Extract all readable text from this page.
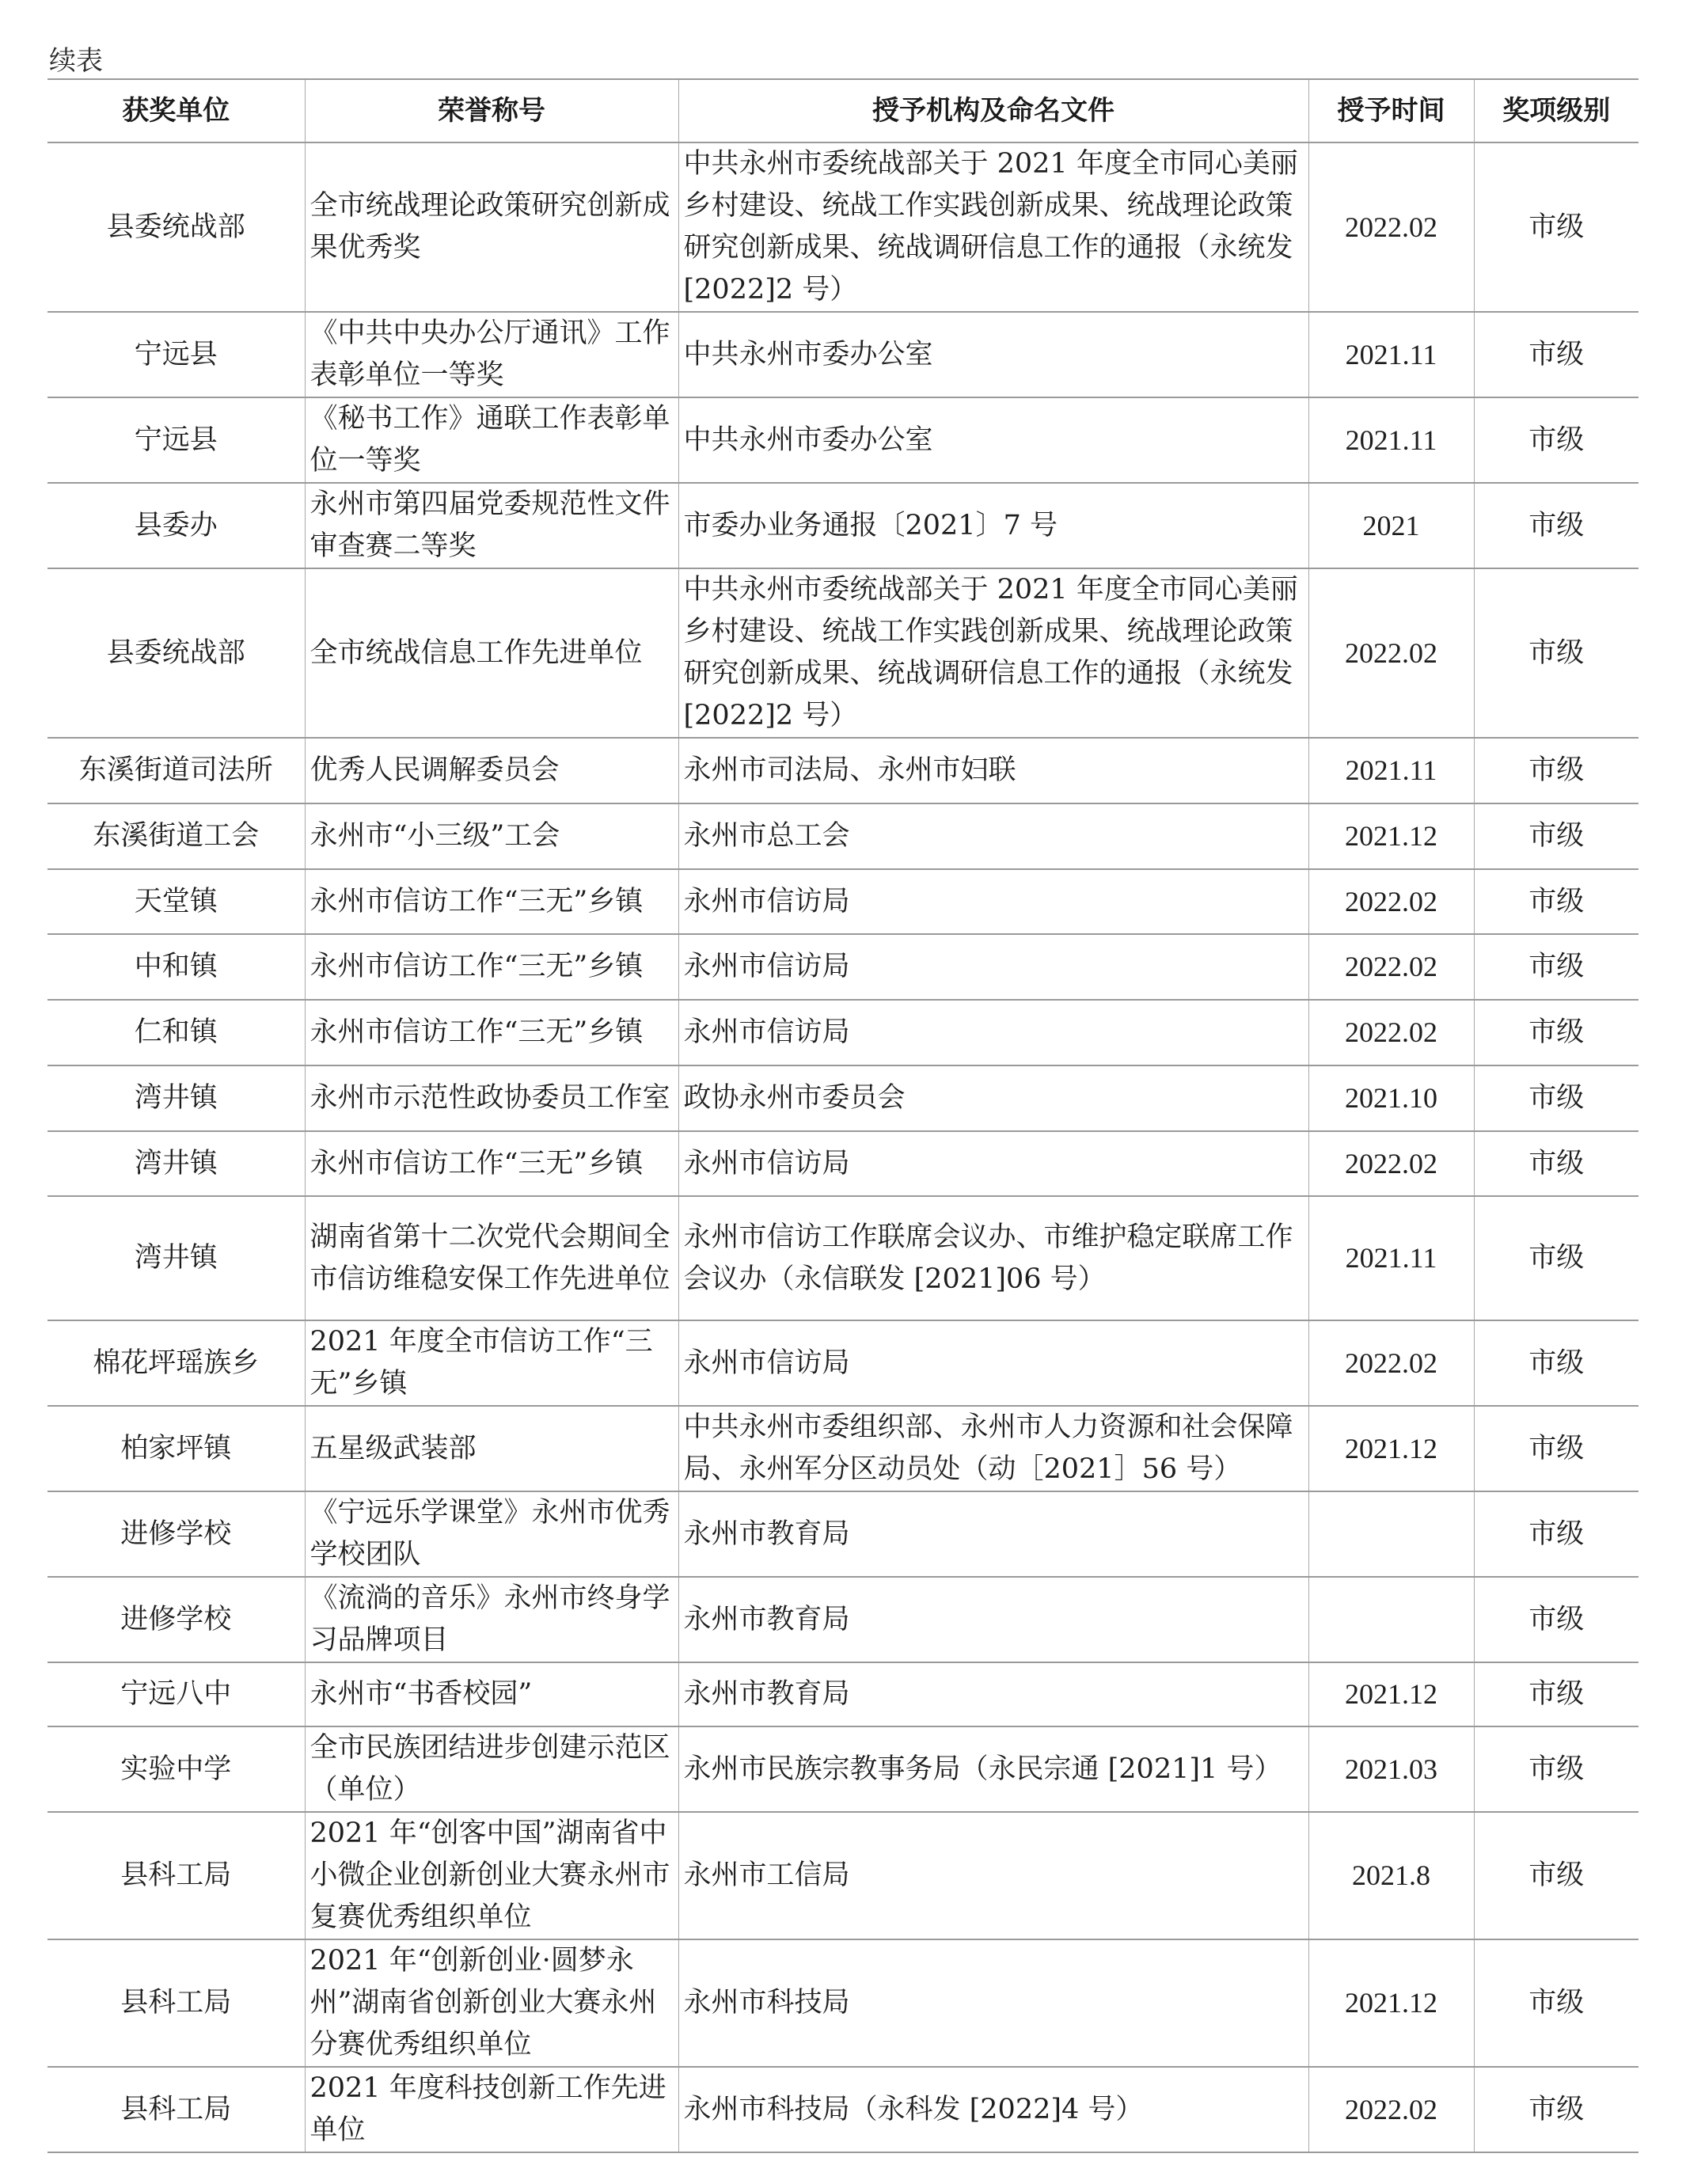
续表
获奖单位	荣誉称号	授予机构及命名文件	授予时间	奖项级别
县委统战部	全市统战理论政策研究创新成果优秀奖	中共永州市委统战部关于 2021 年度全市同心美丽乡村建设、统战工作实践创新成果、统战理论政策研究创新成果、统战调研信息工作的通报（永统发 [2022]2 号）	2022.02	市级
宁远县	《中共中央办公厅通讯》工作表彰单位一等奖	中共永州市委办公室	2021.11	市级
宁远县	《秘书工作》通联工作表彰单位一等奖	中共永州市委办公室	2021.11	市级
县委办	永州市第四届党委规范性文件审查赛二等奖	市委办业务通报〔2021〕7 号	2021	市级
县委统战部	全市统战信息工作先进单位	中共永州市委统战部关于 2021 年度全市同心美丽乡村建设、统战工作实践创新成果、统战理论政策研究创新成果、统战调研信息工作的通报（永统发 [2022]2 号）	2022.02	市级
东溪街道司法所	优秀人民调解委员会	永州市司法局、永州市妇联	2021.11	市级
东溪街道工会	永州市“小三级”工会	永州市总工会	2021.12	市级
天堂镇	永州市信访工作“三无”乡镇	永州市信访局	2022.02	市级
中和镇	永州市信访工作“三无”乡镇	永州市信访局	2022.02	市级
仁和镇	永州市信访工作“三无”乡镇	永州市信访局	2022.02	市级
湾井镇	永州市示范性政协委员工作室	政协永州市委员会	2021.10	市级
湾井镇	永州市信访工作“三无”乡镇	永州市信访局	2022.02	市级
湾井镇	湖南省第十二次党代会期间全市信访维稳安保工作先进单位	永州市信访工作联席会议办、市维护稳定联席工作会议办（永信联发 [2021]06 号）	2021.11	市级
棉花坪瑶族乡	2021 年度全市信访工作“三无”乡镇	永州市信访局	2022.02	市级
柏家坪镇	五星级武装部	中共永州市委组织部、永州市人力资源和社会保障局、永州军分区动员处（动［2021］56 号）	2021.12	市级
进修学校	《宁远乐学课堂》永州市优秀学校团队	永州市教育局		市级
进修学校	《流淌的音乐》永州市终身学习品牌项目	永州市教育局		市级
宁远八中	永州市“书香校园”	永州市教育局	2021.12	市级
实验中学	全市民族团结进步创建示范区（单位）	永州市民族宗教事务局（永民宗通 [2021]1 号）	2021.03	市级
县科工局	2021 年“创客中国”湖南省中小微企业创新创业大赛永州市复赛优秀组织单位	永州市工信局	2021.8	市级
县科工局	2021 年“创新创业·圆梦永州”湖南省创新创业大赛永州分赛优秀组织单位	永州市科技局	2021.12	市级
县科工局	2021 年度科技创新工作先进单位	永州市科技局（永科发 [2022]4 号）	2022.02	市级
